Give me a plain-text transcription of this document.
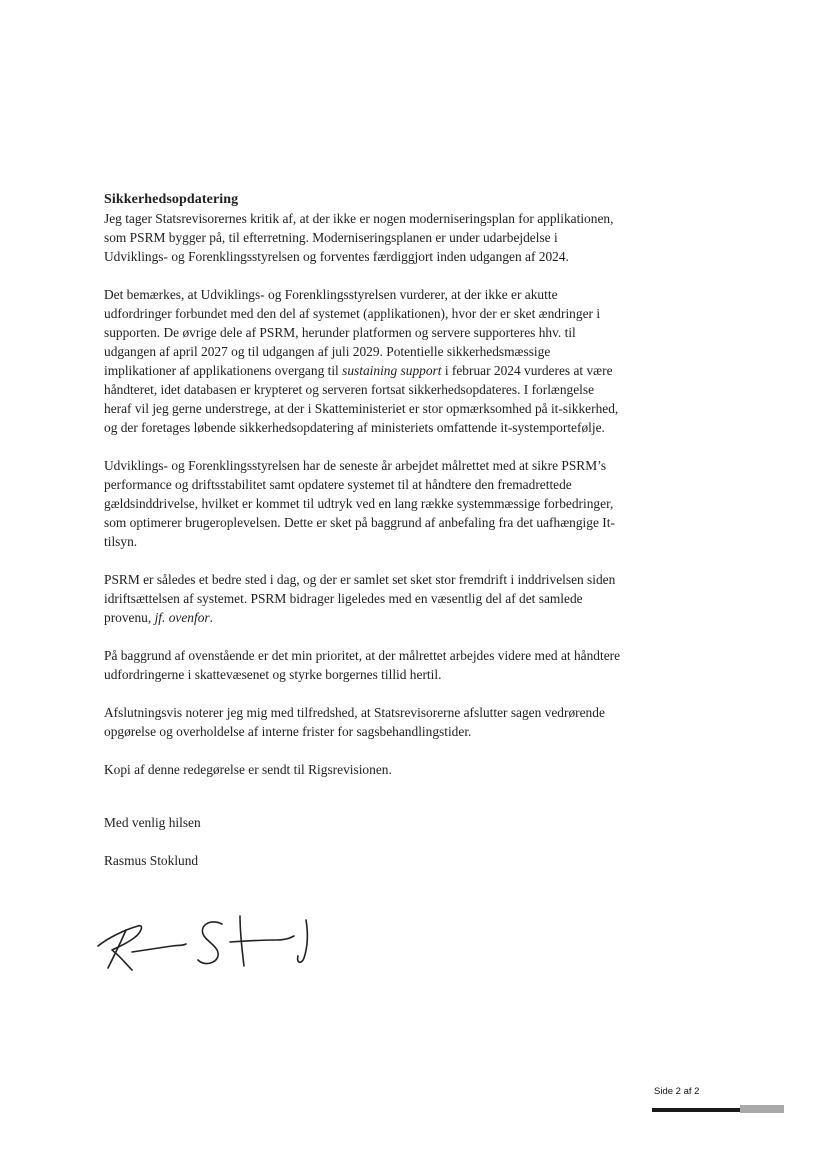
Sikkerhedsopdatering

Jeg tager Statsrevisorernes kritik af, at der ikke er nogen moderniseringsplan for applikationen, som PSRM bygger på, til efterretning. Moderniseringsplanen er under udarbejdelse i Udviklings- og Forenklingsstyrelsen og forventes færdiggjort inden udgangen af 2024.

Det bemærkes, at Udviklings- og Forenklingsstyrelsen vurderer, at der ikke er akutte udfordringer forbundet med den del af systemet (applikationen), hvor der er sket ændringer i supporten. De øvrige dele af PSRM, herunder platformen og servere supporteres hhv. til udgangen af april 2027 og til udgangen af juli 2029. Potentielle sikkerhedsmæssige implikationer af applikationens overgang til sustaining support i februar 2024 vurderes at være håndteret, idet databasen er krypteret og serveren fortsat sikkerhedsopdateres. I forlængelse heraf vil jeg gerne understrege, at der i Skatteministeriet er stor opmærksomhed på it-sikkerhed, og der foretages løbende sikkerhedsopdatering af ministeriets omfattende it-systemportefølje.

Udviklings- og Forenklingsstyrelsen har de seneste år arbejdet målrettet med at sikre PSRM’s performance og driftsstabilitet samt opdatere systemet til at håndtere den fremadrettede gældsinddrivelse, hvilket er kommet til udtryk ved en lang række systemmæssige forbedringer, som optimerer brugeroplevelsen. Dette er sket på baggrund af anbefaling fra det uafhængige It-tilsyn.

PSRM er således et bedre sted i dag, og der er samlet set sket stor fremdrift i inddrivelsen siden idriftsættelsen af systemet. PSRM bidrager ligeledes med en væsentlig del af det samlede provenu, jf. ovenfor.

På baggrund af ovenstående er det min prioritet, at der målrettet arbejdes videre med at håndtere udfordringerne i skattevæsenet og styrke borgernes tillid hertil.

Afslutningsvis noterer jeg mig med tilfredshed, at Statsrevisorerne afslutter sagen vedrørende opgørelse og overholdelse af interne frister for sagsbehandlingstider.

Kopi af denne redegørelse er sendt til Rigsrevisionen.

Med venlig hilsen

Rasmus Stoklund

Side 2 af 2
